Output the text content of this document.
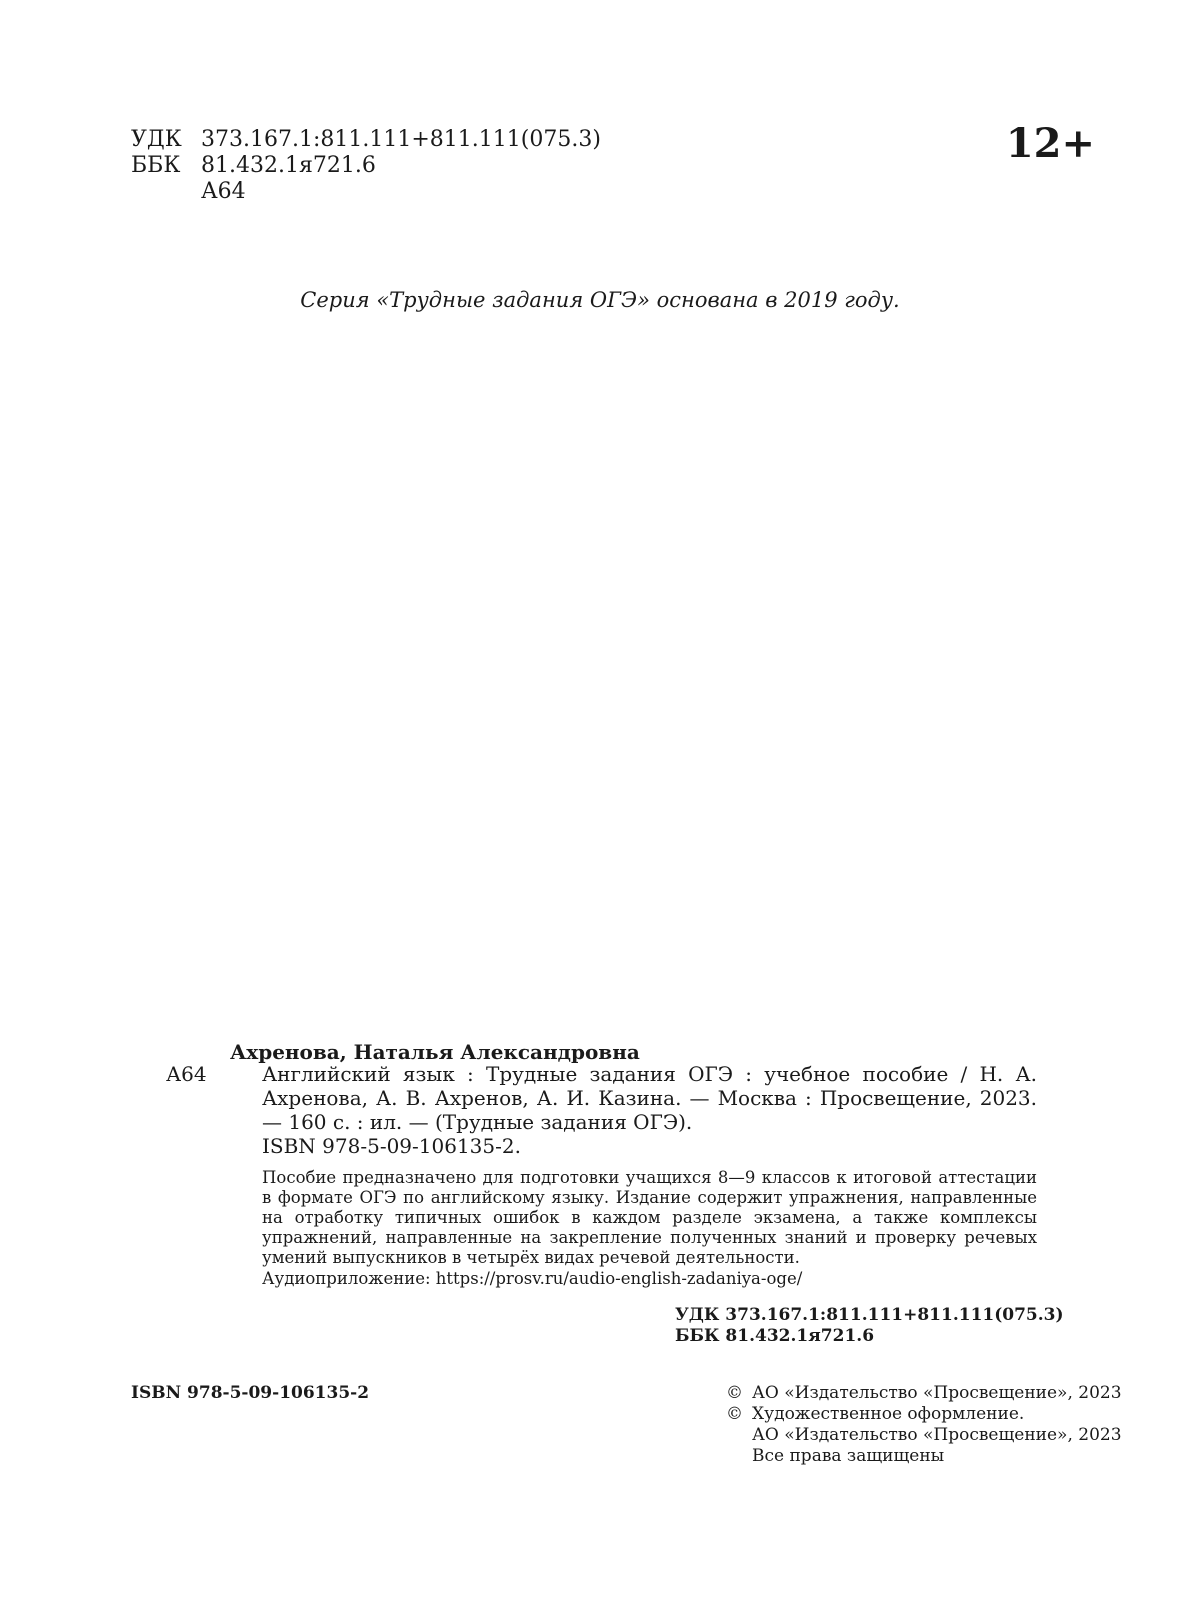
УДК 373.167.1:811.111+811.111(075.3)
ББК 81.432.1я721.6
А64
12+
Серия «Трудные задания ОГЭ» основана в 2019 году.
Ахренова, Наталья Александровна
А64	Английский язык : Трудные задания ОГЭ : учебное пособие / Н. А. Ахренова, А. В. Ахренов, А. И. Казина. — Москва : Просвещение, 2023. — 160 с. : ил. — (Трудные задания ОГЭ).
ISBN 978-5-09-106135-2.
Пособие предназначено для подготовки учащихся 8—9 классов к итоговой аттестации в формате ОГЭ по английскому языку. Издание содержит упражнения, направленные на отработку типичных ошибок в каждом разделе экзамена, а также комплексы упражнений, направленные на закрепление полученных знаний и проверку речевых умений выпускников в четырёх видах речевой деятельности.
Аудиоприложение: https://prosv.ru/audio-english-zadaniya-oge/
УДК 373.167.1:811.111+811.111(075.3)
ББК 81.432.1я721.6
ISBN 978-5-09-106135-2	© АО «Издательство «Просвещение», 2023
© Художественное оформление.
АО «Издательство «Просвещение», 2023
Все права защищены
